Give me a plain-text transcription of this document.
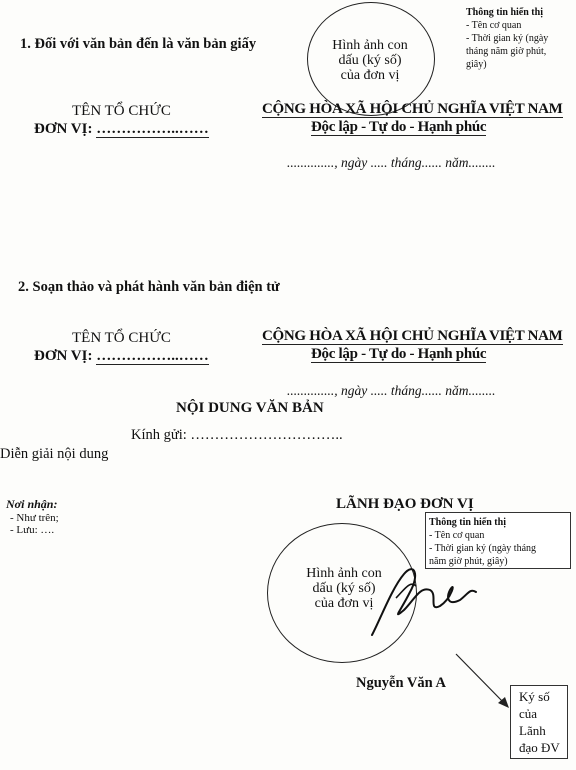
1. Đối với văn bản đến là văn bản giấy	Hình ảnh con
dấu (ký số)
của đơn vị
Thông tin hiển thị
- Tên cơ quan
- Thời gian ký (ngày
tháng năm giờ phút,
giây)
TÊN TỔ CHỨC
ĐƠN VỊ: ……………..……
CỘNG HÒA XÃ HỘI CHỦ NGHĨA VIỆT NAM
Độc lập - Tự do - Hạnh phúc
.............., ngày ..... tháng...... năm........
2. Soạn thảo và phát hành văn bản điện tử
TÊN TỔ CHỨC
ĐƠN VỊ: ……………..……
CỘNG HÒA XÃ HỘI CHỦ NGHĨA VIỆT NAM
Độc lập - Tự do - Hạnh phúc
.............., ngày ..... tháng...... năm........
NỘI DUNG VĂN BẢN
Kính gửi: …………………………..
Diễn giải nội dung
Nơi nhận:
- Như trên;
- Lưu: ….
LÃNH ĐẠO ĐƠN VỊ
Thông tin hiển thị
- Tên cơ quan
- Thời gian ký (ngày tháng
năm giờ phút, giây)
Hình ảnh con
dấu (ký số)
của đơn vị
Nguyễn Văn A
Ký số
của
Lãnh
đạo ĐV
